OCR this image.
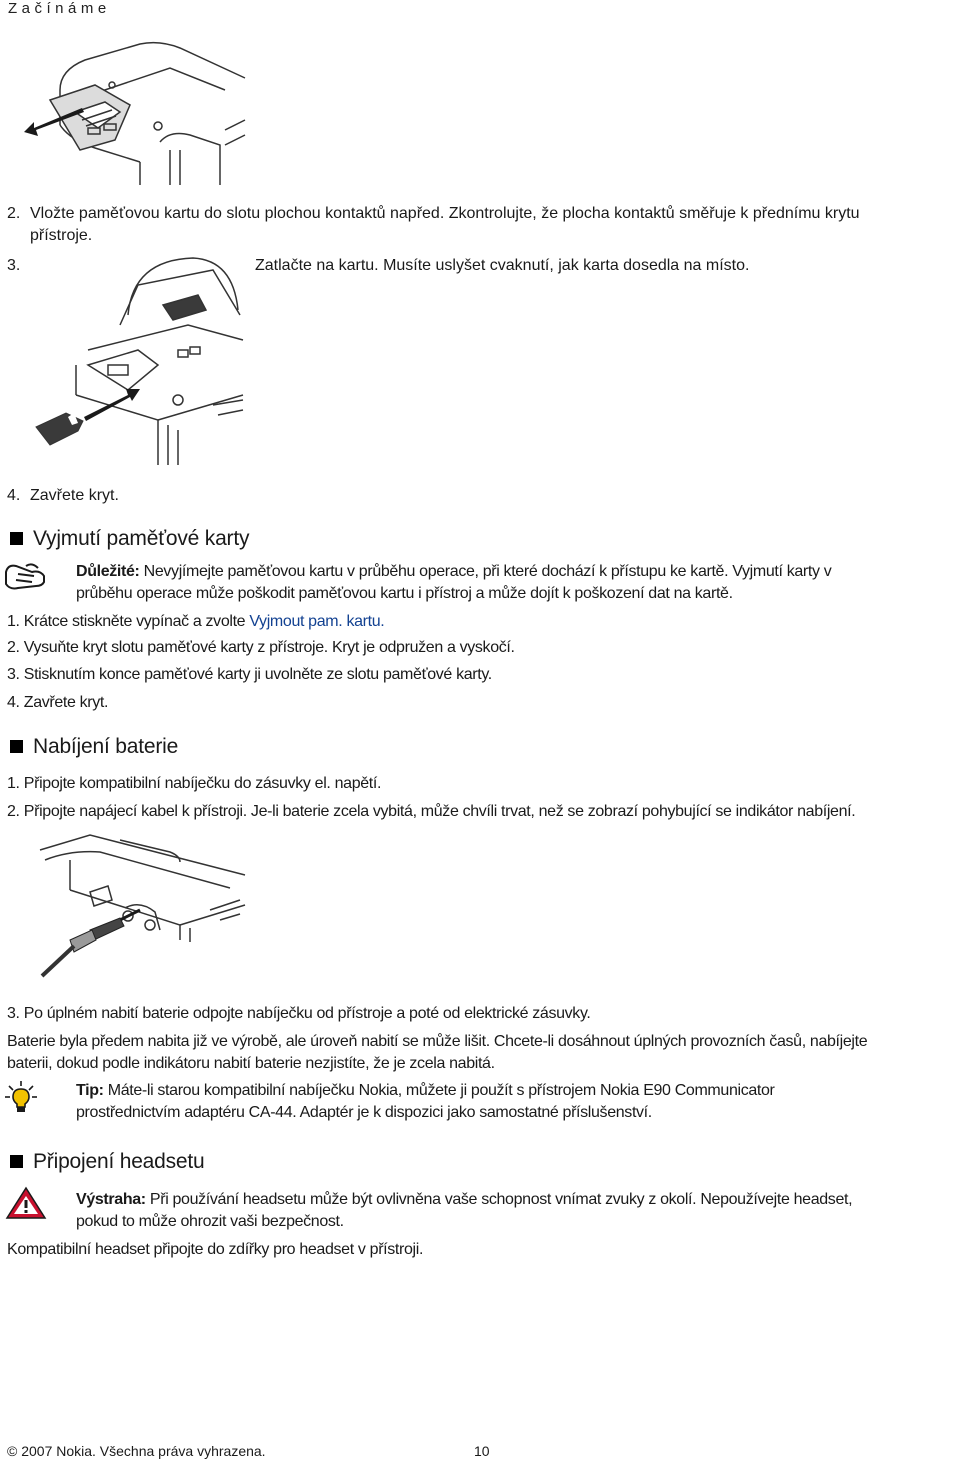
Začínáme
2. Vložte paměťovou kartu do slotu plochou kontaktů napřed. Zkontrolujte, že plocha kontaktů směřuje k přednímu krytu
přístroje.
3.	Zatlačte na kartu. Musíte uslyšet cvaknutí, jak karta dosedla na místo.
4. Zavřete kryt.
Vyjmutí paměťové karty
Důležité: Nevyjímejte paměťovou kartu v průběhu operace, při které dochází k přístupu ke kartě. Vyjmutí karty v
průběhu operace může poškodit paměťovou kartu i přístroj a může dojít k poškození dat na kartě.
1. Krátce stiskněte vypínač a zvolte Vyjmout pam. kartu.
2. Vysuňte kryt slotu paměťové karty z přístroje. Kryt je odpružen a vyskočí.
3. Stisknutím konce paměťové karty ji uvolněte ze slotu paměťové karty.
4. Zavřete kryt.
Nabíjení baterie
1. Připojte kompatibilní nabíječku do zásuvky el. napětí.
2. Připojte napájecí kabel k přístroji. Je-li baterie zcela vybitá, může chvíli trvat, než se zobrazí pohybující se indikátor nabíjení.
3. Po úplném nabití baterie odpojte nabíječku od přístroje a poté od elektrické zásuvky.
Baterie byla předem nabita již ve výrobě, ale úroveň nabití se může lišit. Chcete-li dosáhnout úplných provozních časů, nabíjejte
baterii, dokud podle indikátoru nabití baterie nezjistíte, že je zcela nabitá.
Tip: Máte-li starou kompatibilní nabíječku Nokia, můžete ji použít s přístrojem Nokia E90 Communicator
prostřednictvím adaptéru CA-44. Adaptér je k dispozici jako samostatné příslušenství.
Připojení headsetu
Výstraha: Při používání headsetu může být ovlivněna vaše schopnost vnímat zvuky z okolí. Nepoužívejte headset,
pokud to může ohrozit vaši bezpečnost.
Kompatibilní headset připojte do zdířky pro headset v přístroji.
© 2007 Nokia. Všechna práva vyhrazena.	10
